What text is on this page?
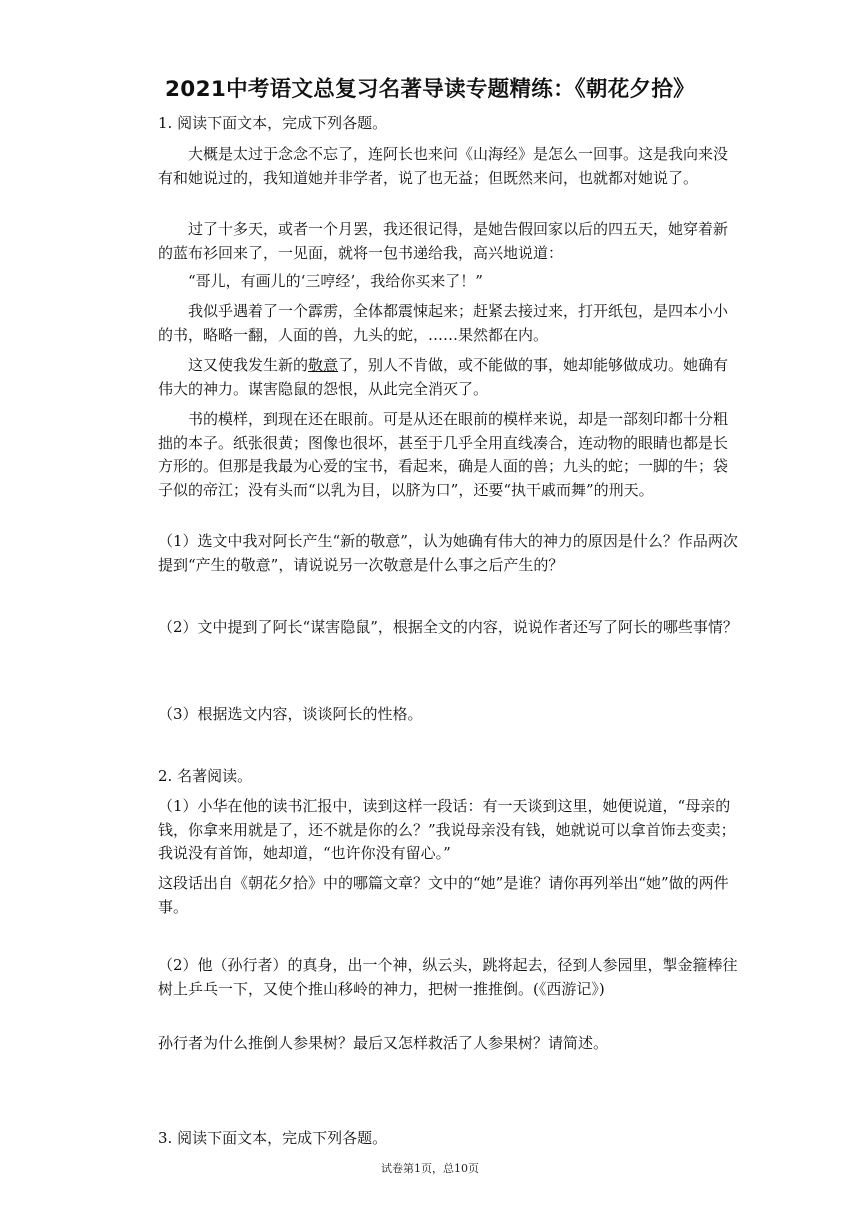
2021中考语文总复习名著导读专题精练：《朝花夕拾》
1. 阅读下面文本，完成下列各题。
大概是太过于念念不忘了，连阿长也来问《山海经》是怎么一回事。这是我向来没有和她说过的，我知道她并非学者，说了也无益；但既然来问，也就都对她说了。
过了十多天，或者一个月罢，我还很记得，是她告假回家以后的四五天，她穿着新的蓝布衫回来了，一见面，就将一包书递给我，高兴地说道：
“哥儿，有画儿的‘三哼经’，我给你买来了！”
我似乎遇着了一个霹雳，全体都震悚起来；赶紧去接过来，打开纸包，是四本小小的书，略略一翻，人面的兽，九头的蛇，……果然都在内。
这又使我发生新的敬意了，别人不肯做，或不能做的事，她却能够做成功。她确有伟大的神力。谋害隐鼠的怨恨，从此完全消灭了。
书的模样，到现在还在眼前。可是从还在眼前的模样来说，却是一部刻印都十分粗拙的本子。纸张很黄；图像也很坏，甚至于几乎全用直线凑合，连动物的眼睛也都是长方形的。但那是我最为心爱的宝书，看起来，确是人面的兽；九头的蛇；一脚的牛；袋子似的帝江；没有头而“以乳为目，以脐为口”，还要“执干戚而舞”的刑天。
（1）选文中我对阿长产生“新的敬意”，认为她确有伟大的神力的原因是什么？作品两次提到“产生的敬意”，请说说另一次敬意是什么事之后产生的？
（2）文中提到了阿长“谋害隐鼠”，根据全文的内容，说说作者还写了阿长的哪些事情？
（3）根据选文内容，谈谈阿长的性格。
2. 名著阅读。
（1）小华在他的读书汇报中，读到这样一段话：有一天谈到这里，她便说道，“母亲的钱，你拿来用就是了，还不就是你的么？”我说母亲没有钱，她就说可以拿首饰去变卖；我说没有首饰，她却道，“也许你没有留心。”
这段话出自《朝花夕拾》中的哪篇文章？文中的“她”是谁？请你再列举出“她”做的两件事。
（2）他（孙行者）的真身，出一个神，纵云头，跳将起去，径到人参园里，掣金箍棒往树上乒乓一下，又使个推山移岭的神力，把树一推推倒。(《西游记》)
孙行者为什么推倒人参果树？最后又怎样救活了人参果树？请简述。
3. 阅读下面文本，完成下列各题。
试卷第1页，总10页
